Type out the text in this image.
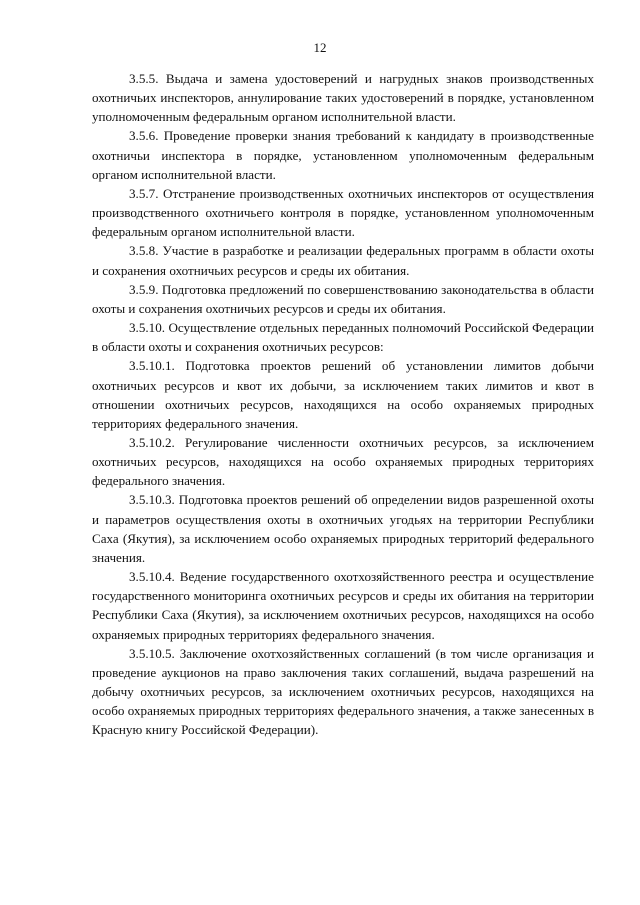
12

3.5.5. Выдача и замена удостоверений и нагрудных знаков производственных охотничьих инспекторов, аннулирование таких удостоверений в порядке, установленном уполномоченным федеральным органом исполнительной власти.

3.5.6. Проведение проверки знания требований к кандидату в производственные охотничьи инспектора в порядке, установленном уполномоченным федеральным органом исполнительной власти.

3.5.7. Отстранение производственных охотничьих инспекторов от осуществления производственного охотничьего контроля в порядке, установленном уполномоченным федеральным органом исполнительной власти.

3.5.8. Участие в разработке и реализации федеральных программ в области охоты и сохранения охотничьих ресурсов и среды их обитания.

3.5.9. Подготовка предложений по совершенствованию законодательства в области охоты и сохранения охотничьих ресурсов и среды их обитания.

3.5.10. Осуществление отдельных переданных полномочий Российской Федерации в области охоты и сохранения охотничьих ресурсов:

3.5.10.1. Подготовка проектов решений об установлении лимитов добычи охотничьих ресурсов и квот их добычи, за исключением таких лимитов и квот в отношении охотничьих ресурсов, находящихся на особо охраняемых природных территориях федерального значения.

3.5.10.2. Регулирование численности охотничьих ресурсов, за исключением охотничьих ресурсов, находящихся на особо охраняемых природных территориях федерального значения.

3.5.10.3. Подготовка проектов решений об определении видов разрешенной охоты и параметров осуществления охоты в охотничьих угодьях на территории Республики Саха (Якутия), за исключением особо охраняемых природных территорий федерального значения.

3.5.10.4. Ведение государственного охотхозяйственного реестра и осуществление государственного мониторинга охотничьих ресурсов и среды их обитания на территории Республики Саха (Якутия), за исключением охотничьих ресурсов, находящихся на особо охраняемых природных территориях федерального значения.

3.5.10.5. Заключение охотхозяйственных соглашений (в том числе организация и проведение аукционов на право заключения таких соглашений, выдача разрешений на добычу охотничьих ресурсов, за исключением охотничьих ресурсов, находящихся на особо охраняемых природных территориях федерального значения, а также занесенных в Красную книгу Российской Федерации).
